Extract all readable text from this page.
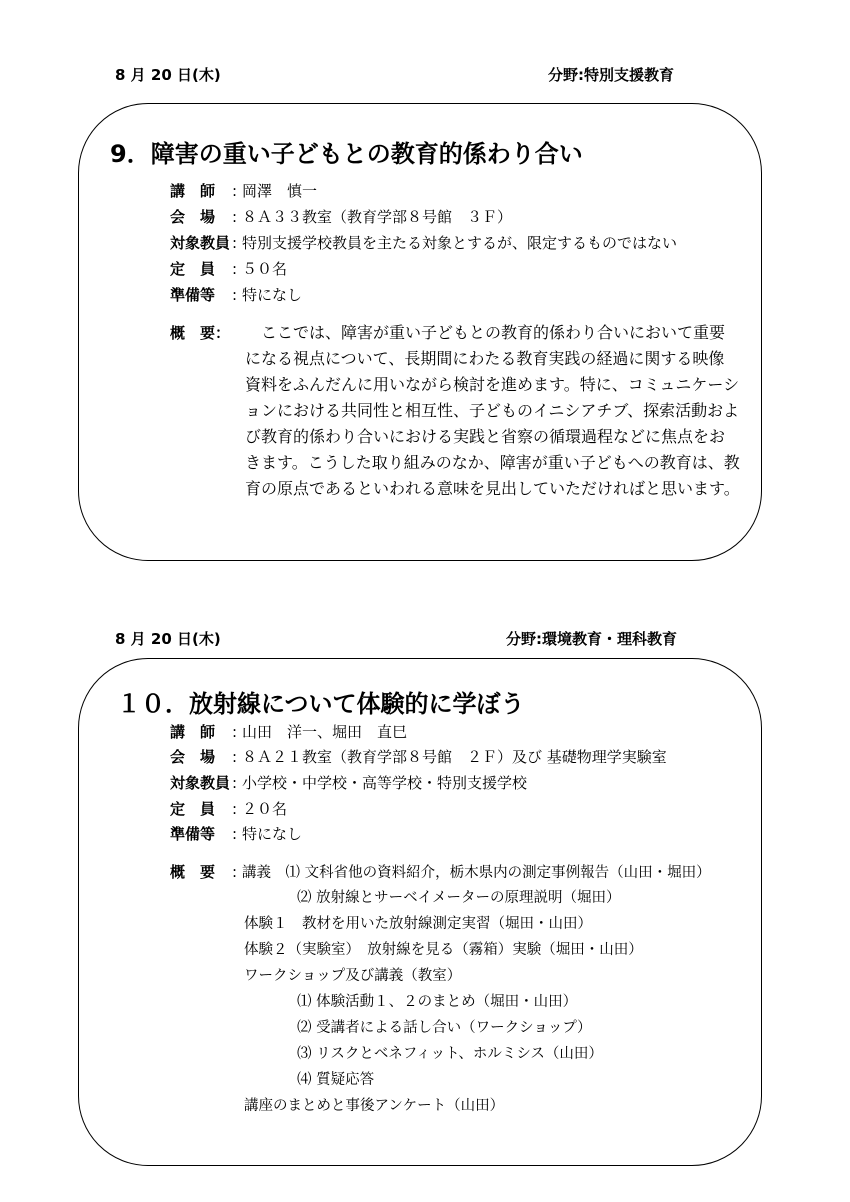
8 月 20 日(木)	分野:特別支援教育
9．障害の重い子どもとの教育的係わり合い
講　師 : 岡澤　慎一
会　場 : ８Ａ３３教室（教育学部８号館　３Ｆ）
対象教員 : 特別支援学校教員を主たる対象とするが、限定するものではない
定　員 : ５０名
準備等 : 特になし
概　要：	ここでは、障害が重い子どもとの教育的係わり合いにおいて重要になる視点について、長期間にわたる教育実践の経過に関する映像資料をふんだんに用いながら検討を進めます。特に、コミュニケーションにおける共同性と相互性、子どものイニシアチブ、探索活動および教育的係わり合いにおける実践と省察の循環過程などに焦点をおきます。こうした取り組みのなか、障害が重い子どもへの教育は、教育の原点であるといわれる意味を見出していただければと思います。
8 月 20 日(木)	分野:環境教育・理科教育
１０．放射線について体験的に学ぼう
講　師 : 山田　洋一、堀田　直巳
会　場 : ８Ａ２１教室（教育学部８号館　２Ｆ）及び 基礎物理学実験室
対象教員 : 小学校・中学校・高等学校・特別支援学校
定　員 : ２０名
準備等 : 特になし
概　要 : 講義　⑴ 文科省他の資料紹介，栃木県内の測定事例報告（山田・堀田）
⑵ 放射線とサーベイメーターの原理説明（堀田）
体験１　教材を用いた放射線測定実習（堀田・山田）
体験２（実験室）　放射線を見る（霧箱）実験（堀田・山田）
ワークショップ及び講義（教室）
⑴ 体験活動１、２のまとめ（堀田・山田）
⑵ 受講者による話し合い（ワークショップ）
⑶ リスクとベネフィット、ホルミシス（山田）
⑷ 質疑応答
講座のまとめと事後アンケート（山田）
